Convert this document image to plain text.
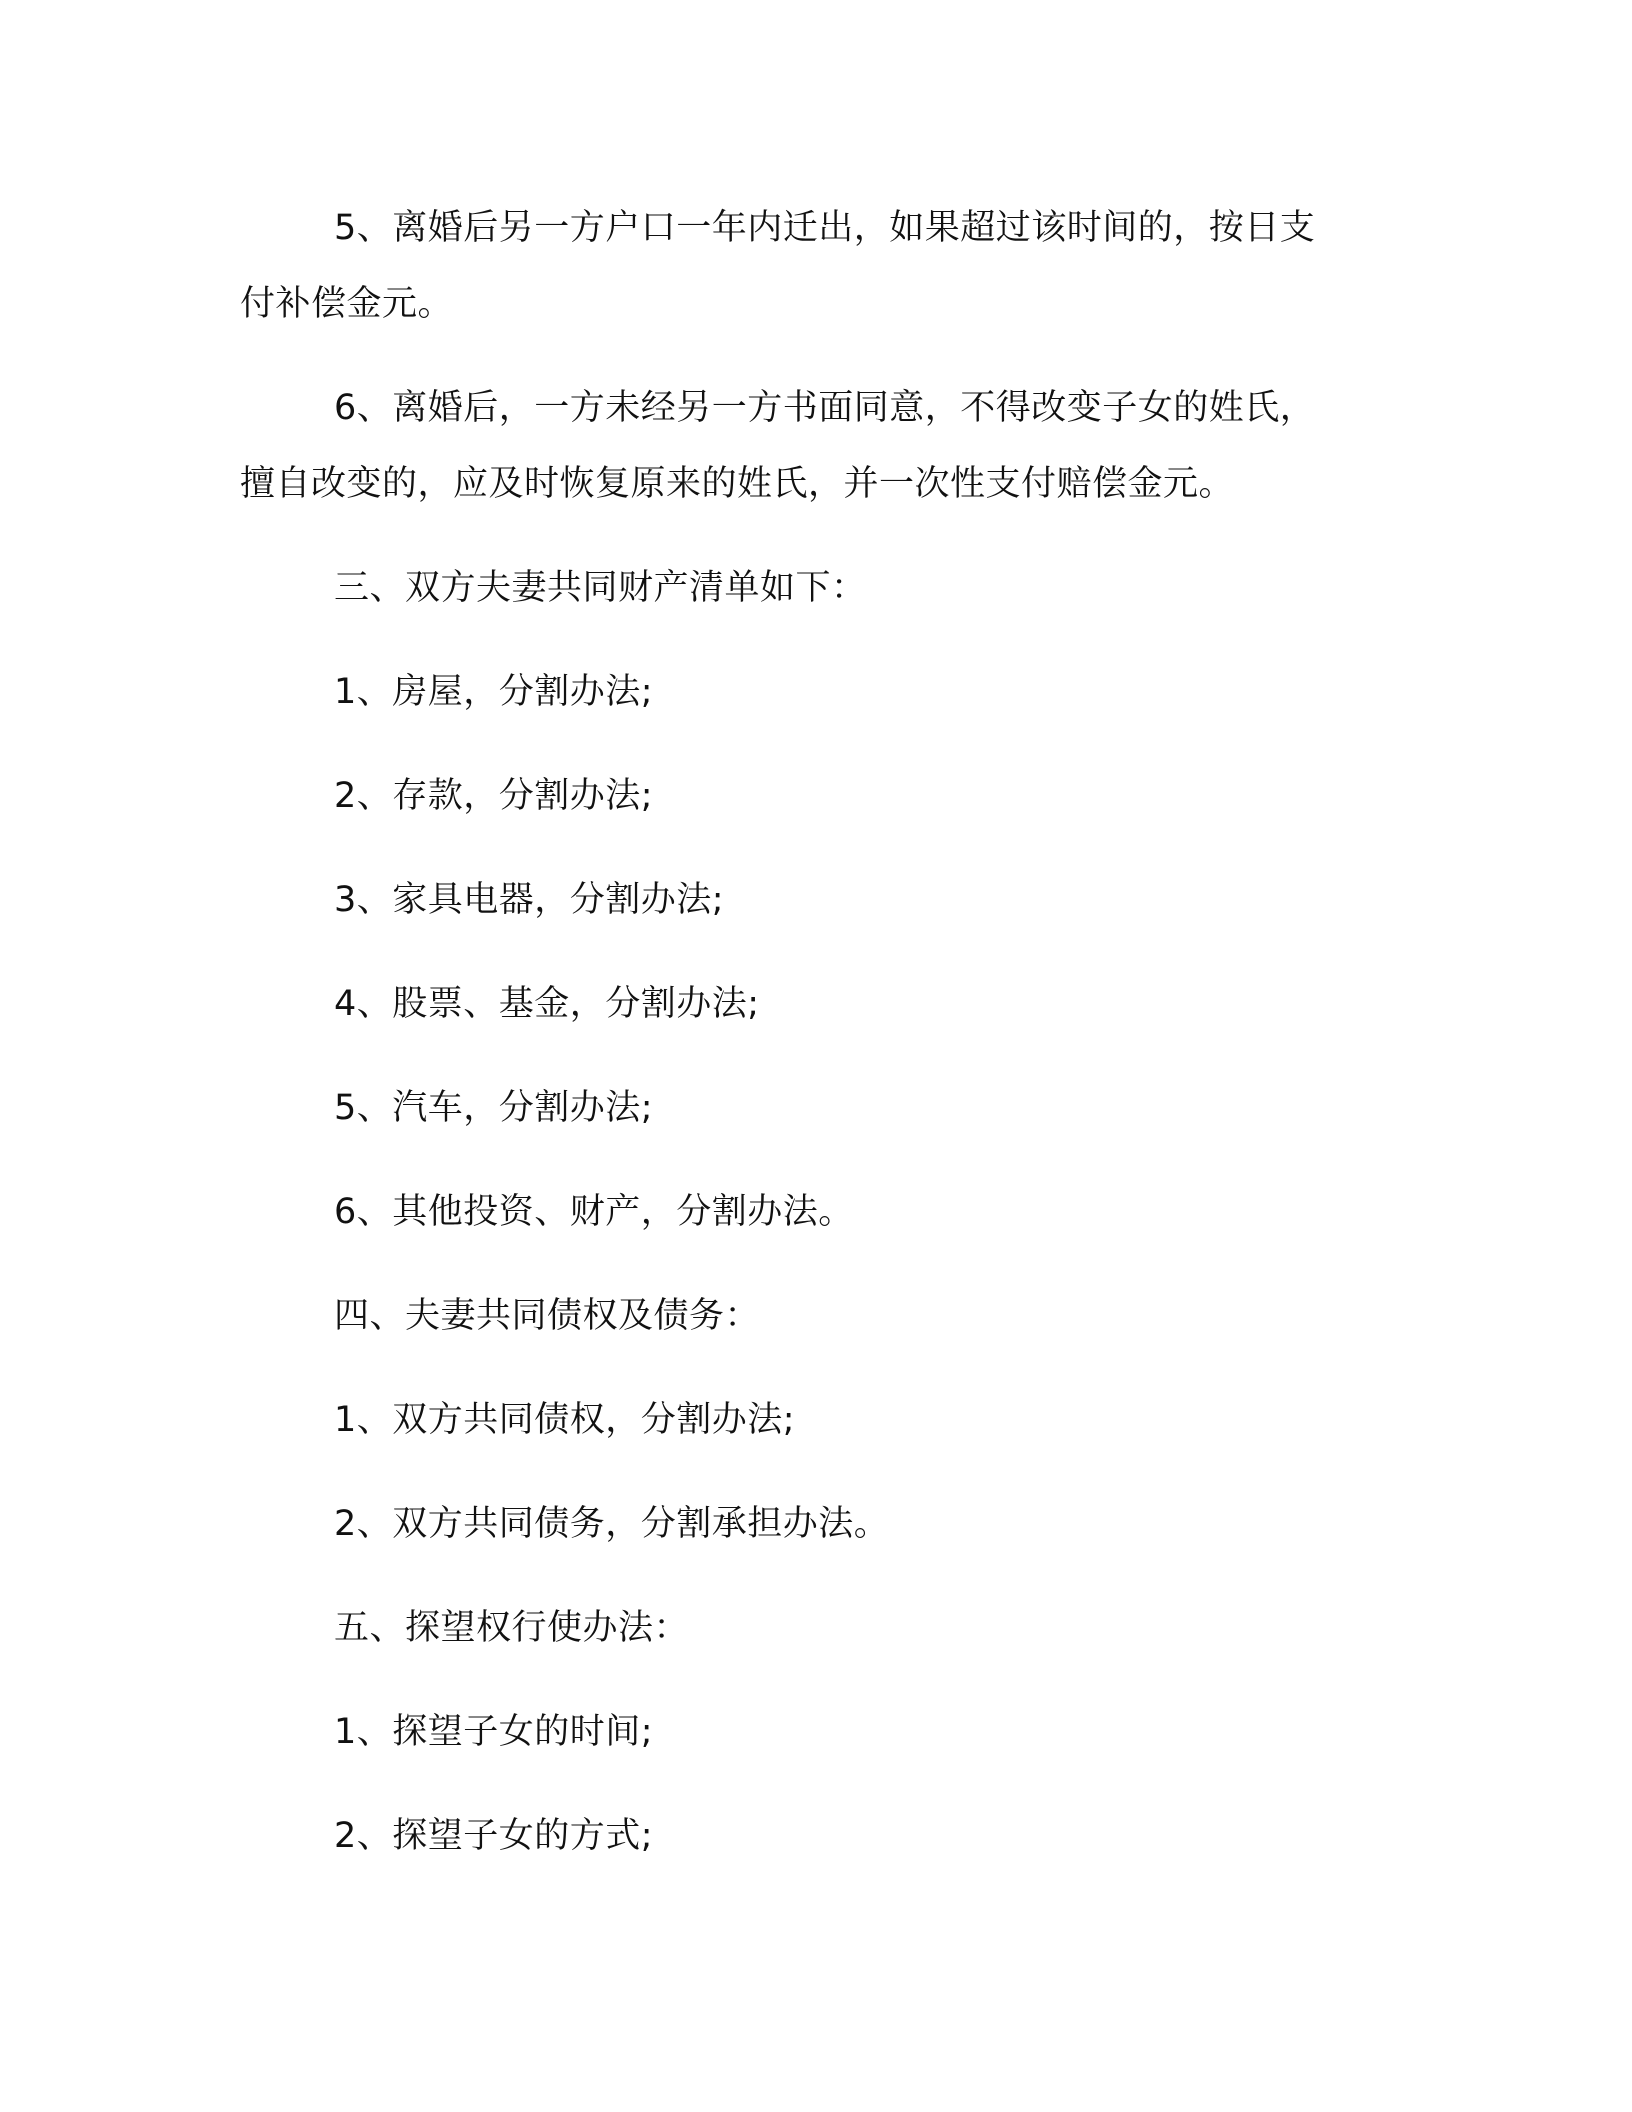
5、离婚后另一方户口一年内迁出，如果超过该时间的，按日支
付补偿金元。
6、离婚后，一方未经另一方书面同意，不得改变子女的姓氏，
擅自改变的，应及时恢复原来的姓氏，并一次性支付赔偿金元。
三、双方夫妻共同财产清单如下：
1、房屋，分割办法;
2、存款，分割办法;
3、家具电器，分割办法;
4、股票、基金，分割办法;
5、汽车，分割办法;
6、其他投资、财产，分割办法。
四、夫妻共同债权及债务：
1、双方共同债权，分割办法;
2、双方共同债务，分割承担办法。
五、探望权行使办法：
1、探望子女的时间;
2、探望子女的方式;
